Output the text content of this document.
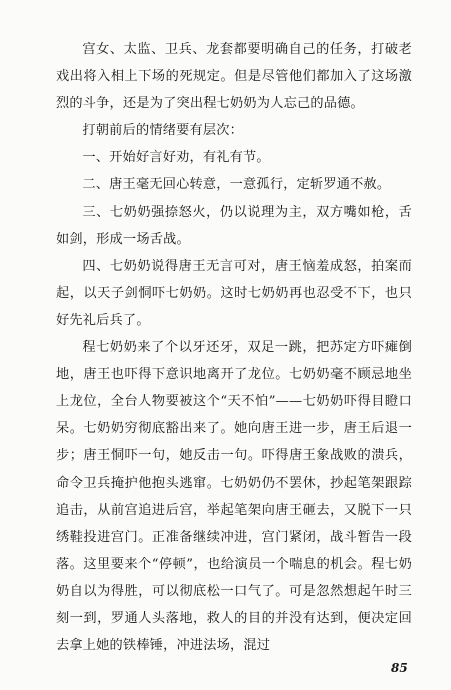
宫女、太监、卫兵、龙套都要明确自己的任务，打破老戏出将入相上下场的死规定。但是尽管他们都加入了这场激烈的斗争，还是为了突出程七奶奶为人忘己的品德。

打朝前后的情绪要有层次：

一、开始好言好劝，有礼有节。

二、唐王毫无回心转意，一意孤行，定斩罗通不赦。

三、七奶奶强捺怒火，仍以说理为主，双方嘴如枪，舌如剑，形成一场舌战。

四、七奶奶说得唐王无言可对，唐王恼羞成怒，拍案而起，以天子剑恫吓七奶奶。这时七奶奶再也忍受不下，也只好先礼后兵了。

程七奶奶来了个以牙还牙，双足一跳，把苏定方吓瘫倒地，唐王也吓得下意识地离开了龙位。七奶奶毫不顾忌地坐上龙位，全台人物要被这个“天不怕”——七奶奶吓得目瞪口呆。七奶奶穷彻底豁出来了。她向唐王进一步，唐王后退一步；唐王恫吓一句，她反击一句。吓得唐王象战败的溃兵，命令卫兵掩护他抱头逃窜。七奶奶仍不罢休，抄起笔架跟踪追击，从前宫追进后宫，举起笔架向唐王砸去，又脱下一只绣鞋投进宫门。正准备继续冲进，宫门紧闭，战斗暂告一段落。这里要来个“停顿”，也给演员一个喘息的机会。程七奶奶自以为得胜，可以彻底松一口气了。可是忽然想起午时三刻一到，罗通人头落地，救人的目的并没有达到，便决定回去拿上她的铁棒锤，冲进法场，混过

85
